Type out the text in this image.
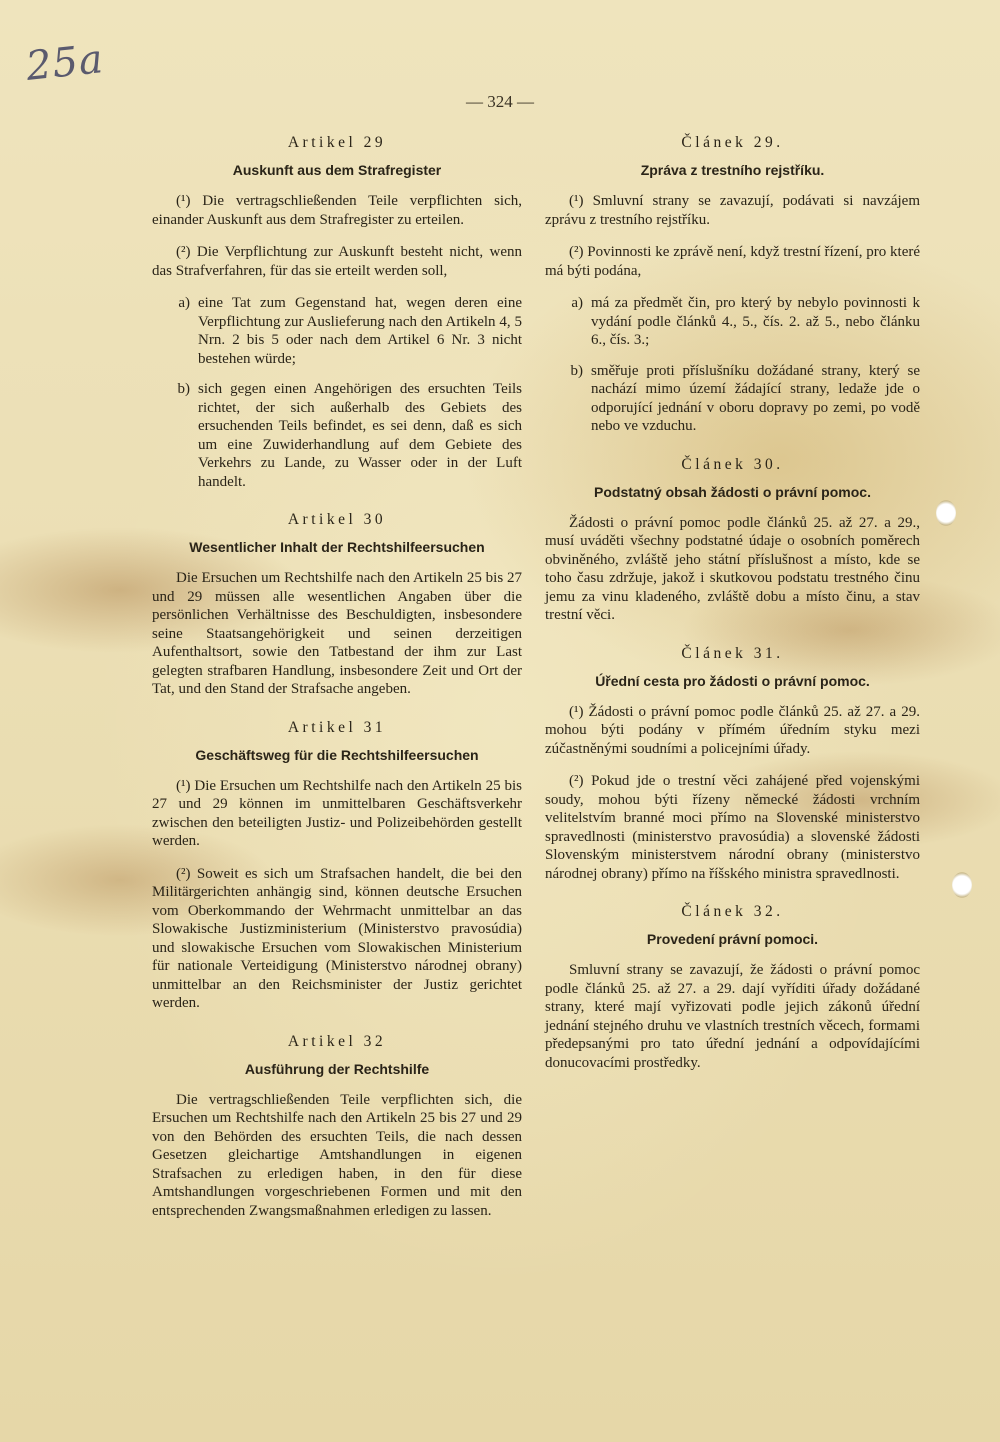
25a
— 324 —
Artikel 29
Auskunft aus dem Strafregister

(¹) Die vertragschließenden Teile verpflichten sich, einander Auskunft aus dem Strafregister zu erteilen.

(²) Die Verpflichtung zur Auskunft besteht nicht, wenn das Strafverfahren, für das sie erteilt werden soll,

a) eine Tat zum Gegenstand hat, wegen deren eine Verpflichtung zur Auslieferung nach den Artikeln 4, 5 Nrn. 2 bis 5 oder nach dem Artikel 6 Nr. 3 nicht bestehen würde;
b) sich gegen einen Angehörigen des ersuchten Teils richtet, der sich außerhalb des Gebiets des ersuchenden Teils befindet, es sei denn, daß es sich um eine Zuwiderhandlung auf dem Gebiete des Verkehrs zu Lande, zu Wasser oder in der Luft handelt.
Artikel 30
Wesentlicher Inhalt der Rechtshilfeersuchen

Die Ersuchen um Rechtshilfe nach den Artikeln 25 bis 27 und 29 müssen alle wesentlichen Angaben über die persönlichen Verhältnisse des Beschuldigten, insbesondere seine Staatsangehörigkeit und seinen derzeitigen Aufenthaltsort, sowie den Tatbestand der ihm zur Last gelegten strafbaren Handlung, insbesondere Zeit und Ort der Tat, und den Stand der Strafsache angeben.

Artikel 31
Geschäftsweg für die Rechtshilfeersuchen

(¹) Die Ersuchen um Rechtshilfe nach den Artikeln 25 bis 27 und 29 können im unmittelbaren Geschäftsverkehr zwischen den beteiligten Justiz- und Polizeibehörden gestellt werden.

(²) Soweit es sich um Strafsachen handelt, die bei den Militärgerichten anhängig sind, können deutsche Ersuchen vom Oberkommando der Wehrmacht unmittelbar an das Slowakische Justizministerium (Ministerstvo pravosúdia) und slowakische Ersuchen vom Slowakischen Ministerium für nationale Verteidigung (Ministerstvo národnej obrany) unmittelbar an den Reichsminister der Justiz gerichtet werden.

Artikel 32
Ausführung der Rechtshilfe

Die vertragschließenden Teile verpflichten sich, die Ersuchen um Rechtshilfe nach den Artikeln 25 bis 27 und 29 von den Behörden des ersuchten Teils, die nach dessen Gesetzen gleichartige Amtshandlungen in eigenen Strafsachen zu erledigen haben, in den für diese Amtshandlungen vorgeschriebenen Formen und mit den entsprechenden Zwangsmaßnahmen erledigen zu lassen.

Článek 29.
Zpráva z trestního rejstříku.

(¹) Smluvní strany se zavazují, podávati si navzájem zprávu z trestního rejstříku.

(²) Povinnosti ke zprávě není, když trestní řízení, pro které má býti podána,

a) má za předmět čin, pro který by nebylo povinnosti k vydání podle článků 4., 5., čís. 2. až 5., nebo článku 6., čís. 3.;
b) směřuje proti příslušníku dožádané strany, který se nachází mimo území žádající strany, ledaže jde o odporující jednání v oboru dopravy po zemi, po vodě nebo ve vzduchu.
Článek 30.
Podstatný obsah žádosti o právní pomoc.

Žádosti o právní pomoc podle článků 25. až 27. a 29., musí uváděti všechny podstatné údaje o osobních poměrech obviněného, zvláště jeho státní příslušnost a místo, kde se toho času zdržuje, jakož i skutkovou podstatu trestného činu jemu za vinu kladeného, zvláště dobu a místo činu, a stav trestní věci.

Článek 31.
Úřední cesta pro žádosti o právní pomoc.

(¹) Žádosti o právní pomoc podle článků 25. až 27. a 29. mohou býti podány v přímém úředním styku mezi zúčastněnými soudními a policejními úřady.

(²) Pokud jde o trestní věci zahájené před vojenskými soudy, mohou býti řízeny německé žádosti vrchním velitelstvím branné moci přímo na Slovenské ministerstvo spravedlnosti (ministerstvo pravosúdia) a slovenské žádosti Slovenským ministerstvem národní obrany (ministerstvo národnej obrany) přímo na říšského ministra spravedlnosti.

Článek 32.
Provedení právní pomoci.

Smluvní strany se zavazují, že žádosti o právní pomoc podle článků 25. až 27. a 29. dají vyříditi úřady dožádané strany, které mají vyřizovati podle jejich zákonů úřední jednání stejného druhu ve vlastních trestních věcech, formami předepsanými pro tato úřední jednání a odpovídajícími donucovacími prostředky.
